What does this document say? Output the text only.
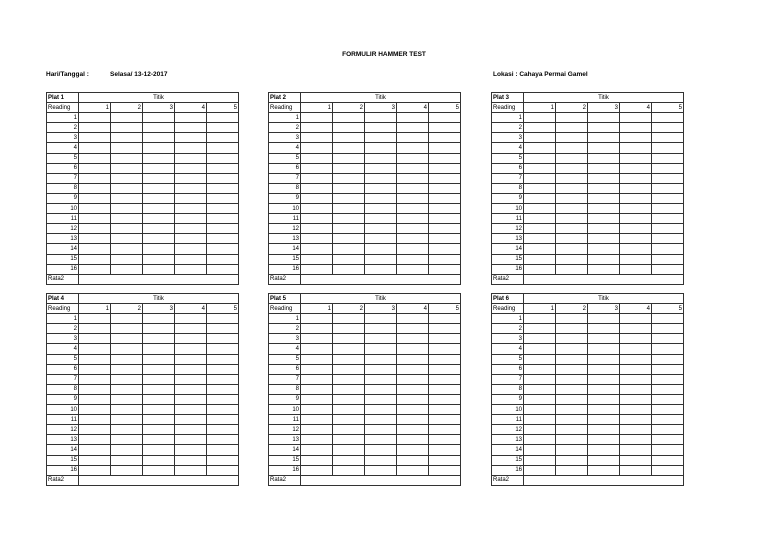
FORMULIR HAMMER TEST
Hari/Tanggal :	Selasa/ 13-12-2017	Lokasi : Cahaya Permai Gamel
Plat 1	Titik				
Reading	1	2	3	4	5
1					
2					
3					
4					
5					
6					
7					
8					
9					
10					
11					
12					
13					
14					
15					
16					
Rata2					
Plat 2	Titik				
Reading	1	2	3	4	5
1					
2					
3					
4					
5					
6					
7					
8					
9					
10					
11					
12					
13					
14					
15					
16					
Rata2					
Plat 3	Titik				
Reading	1	2	3	4	5
1					
2					
3					
4					
5					
6					
7					
8					
9					
10					
11					
12					
13					
14					
15					
16					
Rata2					
Plat 4	Titik				
Reading	1	2	3	4	5
1					
2					
3					
4					
5					
6					
7					
8					
9					
10					
11					
12					
13					
14					
15					
16					
Rata2					
Plat 5	Titik				
Reading	1	2	3	4	5
1					
2					
3					
4					
5					
6					
7					
8					
9					
10					
11					
12					
13					
14					
15					
16					
Rata2					
Plat 6	Titik				
Reading	1	2	3	4	5
1					
2					
3					
4					
5					
6					
7					
8					
9					
10					
11					
12					
13					
14					
15					
16					
Rata2					
